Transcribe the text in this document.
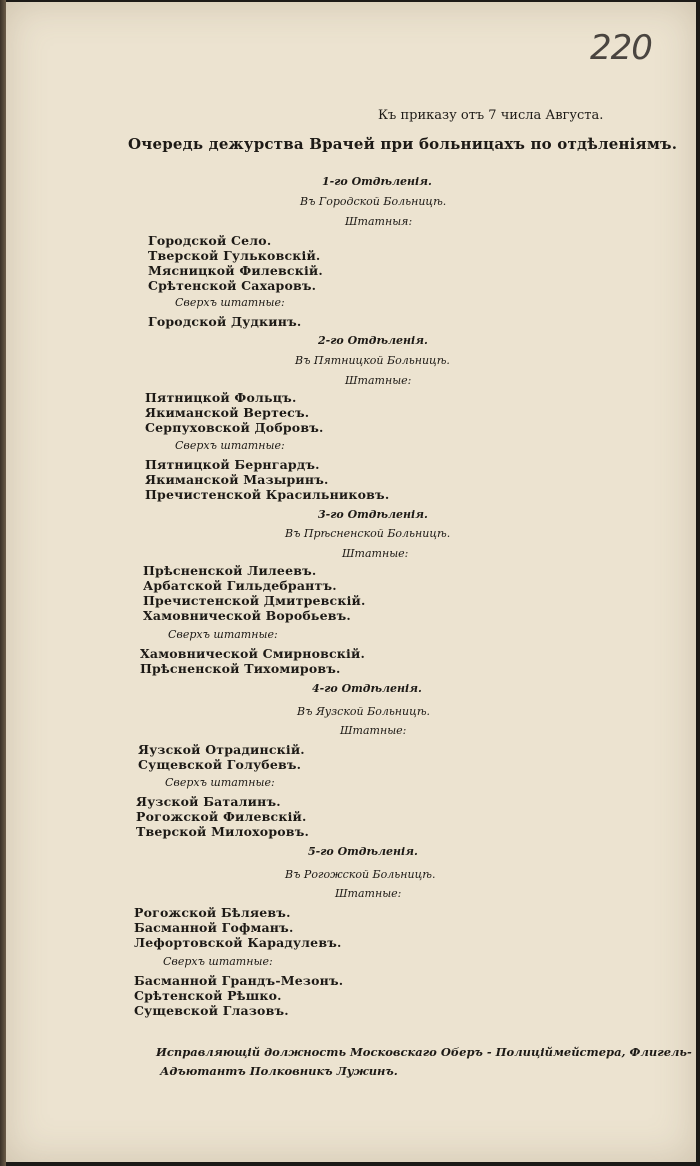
220
Къ приказу отъ 7 числа Августа.
Очередь дежурства Врачей при больницахъ по отдѣленіямъ.
1-го Отдѣленія.
Въ Городской Больницѣ.
Штатныя:
Городской Село.
Тверской Гульковскій.
Мясницкой Филевскій.
Срѣтенской Сахаровъ.
Сверхъ штатные:
Городской Дудкинъ.
2-го Отдѣленія.
Въ Пятницкой Больницѣ.
Штатные:
Пятницкой Фольцъ.
Якиманской Вертесъ.
Серпуховской Добровъ.
Сверхъ штатные:
Пятницкой Бернгардъ.
Якиманской Мазыринъ.
Пречистенской Красильниковъ.
3-го Отдѣленія.
Въ Прѣсненской Больницѣ.
Штатные:
Прѣсненской Лилеевъ.
Арбатской Гильдебрантъ.
Пречистенской Дмитревскій.
Хамовнической Воробьевъ.
Сверхъ штатные:
Хамовнической Смирновскій.
Прѣсненской Тихомировъ.
4-го Отдѣленія.
Въ Яузской Больницѣ.
Штатные:
Яузской Отрадинскій.
Сущевской Голубевъ.
Сверхъ штатные:
Яузской Баталинъ.
Рогожской Филевскій.
Тверской Милохоровъ.
5-го Отдѣленія.
Въ Рогожской Больницѣ.
Штатные:
Рогожской Бѣляевъ.
Басманной Гофманъ.
Лефортовской Карадулевъ.
Сверхъ штатные:
Басманной Грандъ-Мезонъ.
Срѣтенской Рѣшко.
Сущевской Глазовъ.
Исправляющій должность Московскаго Оберъ - Полиціймейстера, Флигель-
Адъютантъ Полковникъ Лужинъ.
